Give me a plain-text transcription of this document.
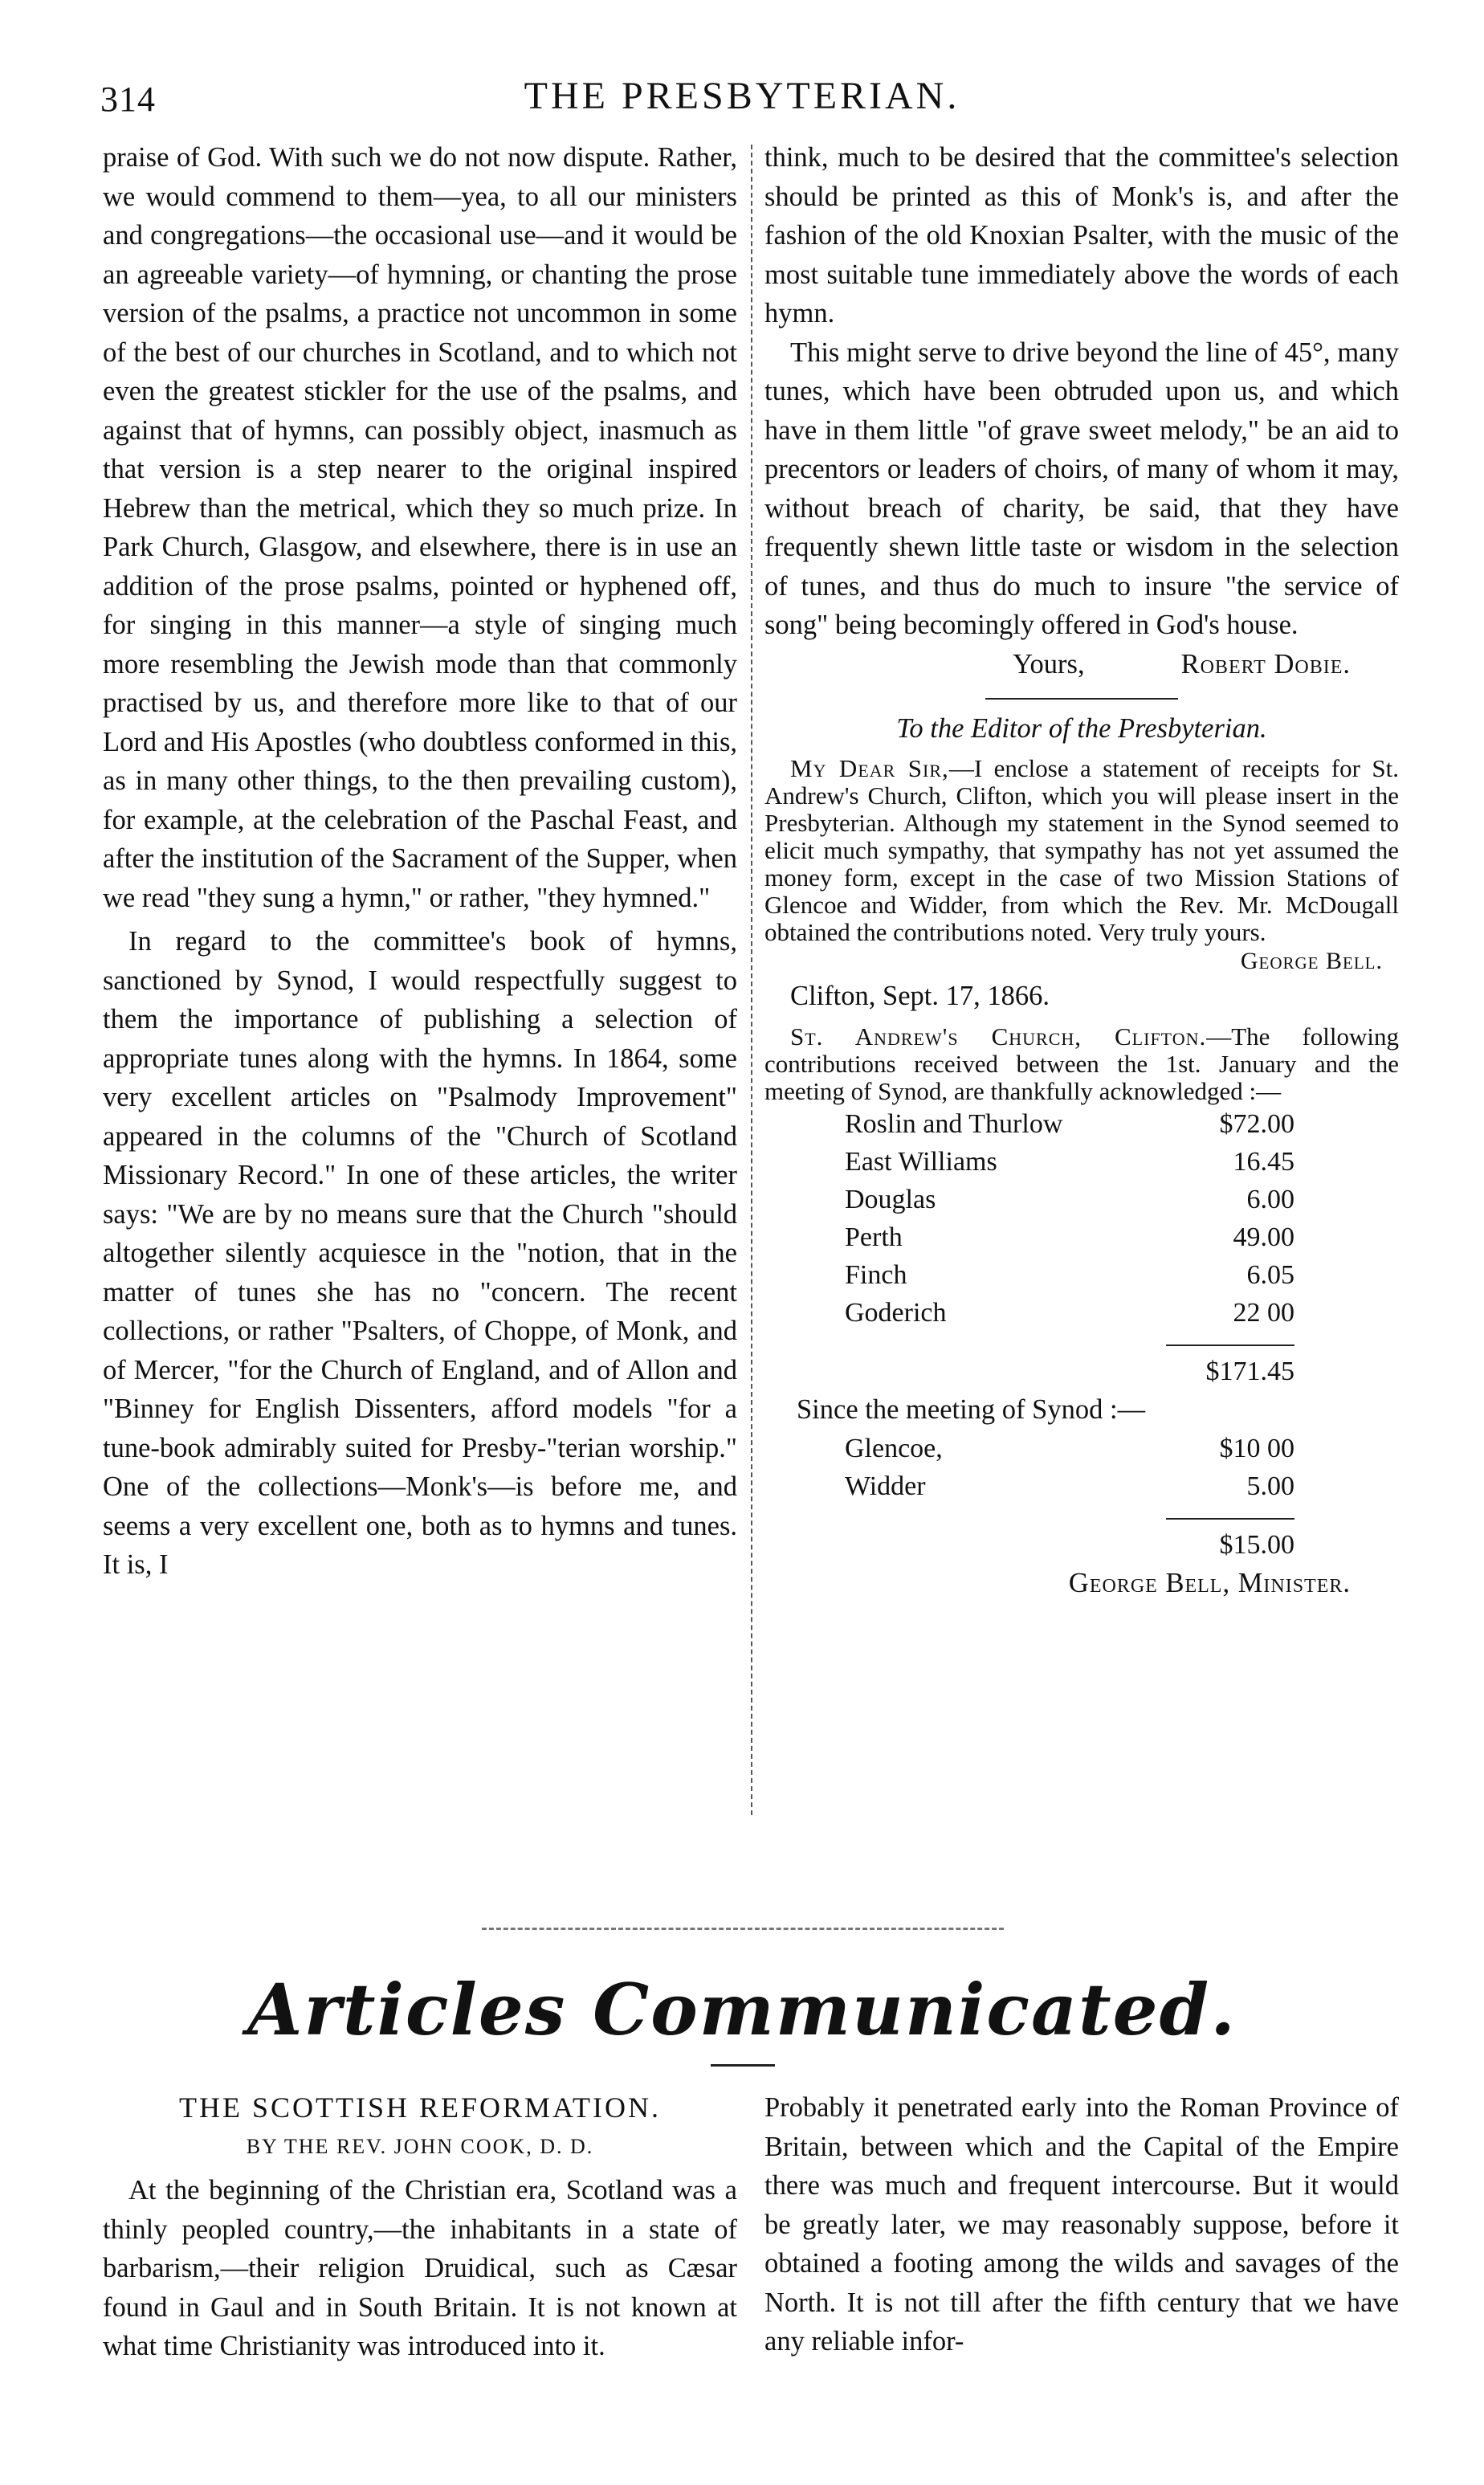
314	THE PRESBYTERIAN.

praise of God. With such we do not now dispute. Rather, we would commend to them—yea, to all our ministers and congregations—the occasional use—and it would be an agreeable variety—of hymning, or chanting the prose version of the psalms, a practice not uncommon in some of the best of our churches in Scotland, and to which not even the greatest stickler for the use of the psalms, and against that of hymns, can possibly object, inasmuch as that version is a step nearer to the original inspired Hebrew than the metrical, which they so much prize. In Park Church, Glasgow, and elsewhere, there is in use an addition of the prose psalms, pointed or hyphened off, for singing in this manner—a style of singing much more resembling the Jewish mode than that commonly practised by us, and therefore more like to that of our Lord and His Apostles (who doubtless conformed in this, as in many other things, to the then prevailing custom), for example, at the celebration of the Paschal Feast, and after the institution of the Sacrament of the Supper, when we read "they sung a hymn," or rather, "they hymned."

In regard to the committee's book of hymns, sanctioned by Synod, I would respectfully suggest to them the importance of publishing a selection of appropriate tunes along with the hymns. In 1864, some very excellent articles on "Psalmody Improvement" appeared in the columns of the "Church of Scotland Missionary Record." In one of these articles, the writer says: "We are by no means sure that the Church "should altogether silently acquiesce in the "notion, that in the matter of tunes she has no "concern. The recent collections, or rather "Psalters, of Choppe, of Monk, and of Mercer, "for the Church of England, and of Allon and "Binney for English Dissenters, afford models "for a tune-book admirably suited for Presby-"terian worship." One of the collections—Monk's—is before me, and seems a very excellent one, both as to hymns and tunes. It is, I

think, much to be desired that the committee's selection should be printed as this of Monk's is, and after the fashion of the old Knoxian Psalter, with the music of the most suitable tune immediately above the words of each hymn.

This might serve to drive beyond the line of 45°, many tunes, which have been obtruded upon us, and which have in them little "of grave sweet melody," be an aid to precentors or leaders of choirs, of many of whom it may, without breach of charity, be said, that they have frequently shewn little taste or wisdom in the selection of tunes, and thus do much to insure "the service of song" being becomingly offered in God's house.

Yours,	Robert Dobie.
To the Editor of the Presbyterian.

My Dear Sir,—I enclose a statement of receipts for St. Andrew's Church, Clifton, which you will please insert in the Presbyterian. Although my statement in the Synod seemed to elicit much sympathy, that sympathy has not yet assumed the money form, except in the case of two Mission Stations of Glencoe and Widder, from which the Rev. Mr. McDougall obtained the contributions noted. Very truly yours.

George Bell.
Clifton, Sept. 17, 1866.

St. Andrew's Church, Clifton.—The following contributions received between the 1st. January and the meeting of Synod, are thankfully acknowledged :—

Roslin and Thurlow	$72.00
East Williams	16.45
Douglas	6.00
Perth	49.00
Finch	6.05
Goderich	22 00
$171.45
Since the meeting of Synod :—
Glencoe,	$10 00
Widder	5.00
$15.00
George Bell, Minister.
Articles Communicated.
THE SCOTTISH REFORMATION.
BY THE REV. JOHN COOK, D. D.

At the beginning of the Christian era, Scotland was a thinly peopled country,—the inhabitants in a state of barbarism,—their religion Druidical, such as Cæsar found in Gaul and in South Britain. It is not known at what time Christianity was introduced into it.

Probably it penetrated early into the Roman Province of Britain, between which and the Capital of the Empire there was much and frequent intercourse. But it would be greatly later, we may reasonably suppose, before it obtained a footing among the wilds and savages of the North. It is not till after the fifth century that we have any reliable infor-
